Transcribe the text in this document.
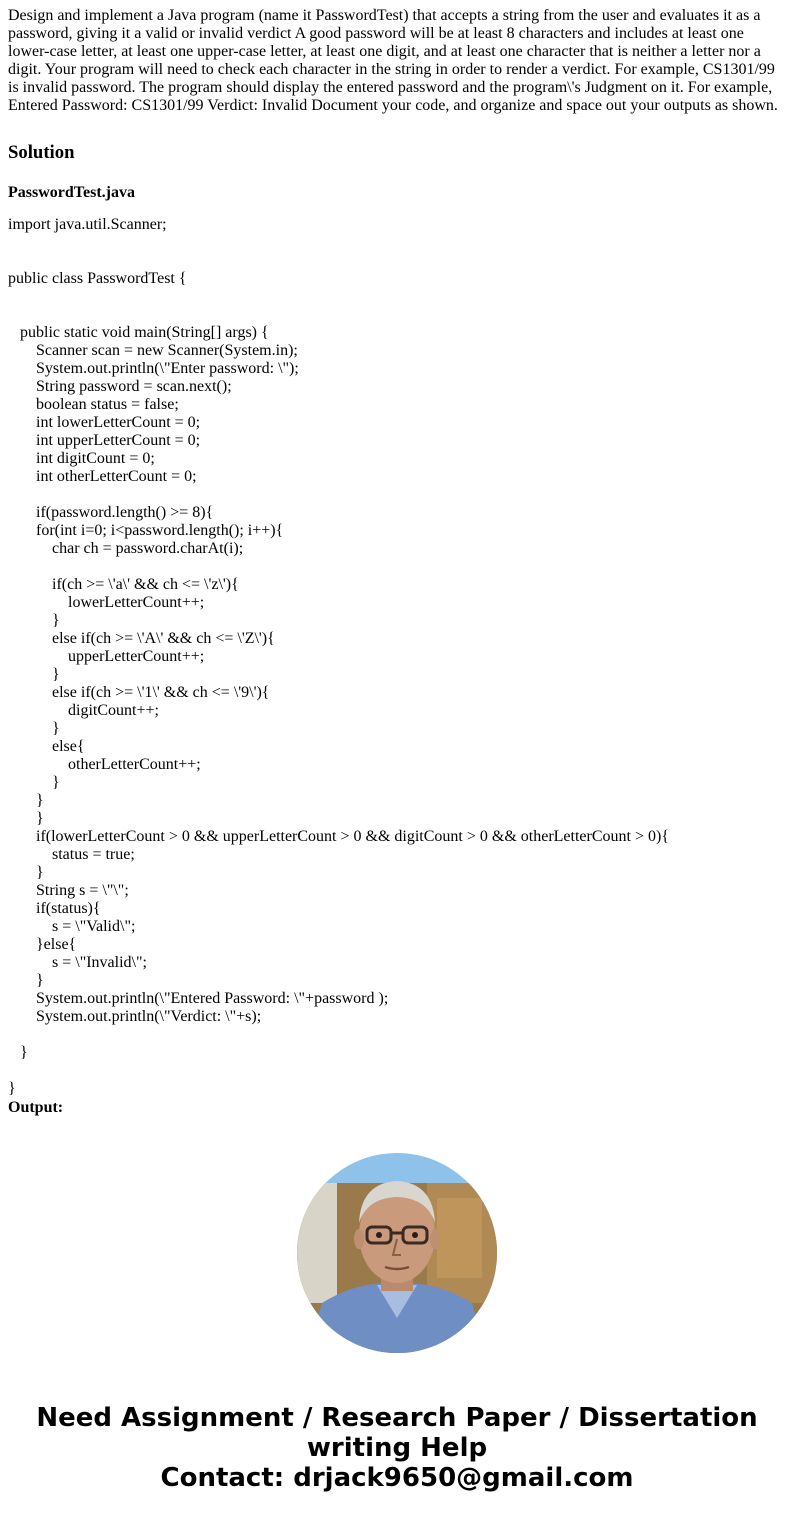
Design and implement a Java program (name it PasswordTest) that accepts a string from the user and evaluates it as a password, giving it a valid or invalid verdict A good password will be at least 8 characters and includes at least one lower-case letter, at least one upper-case letter, at least one digit, and at least one character that is neither a letter nor a digit. Your program will need to check each character in the string in order to render a verdict. For example, CS1301/99 is invalid password. The program should display the entered password and the program\'s Judgment on it. For example, Entered Password: CS1301/99 Verdict: Invalid Document your code, and organize and space out your outputs as shown.

Solution

PasswordTest.java

import java.util.Scanner;

public class PasswordTest {

public static void main(String[] args) {
Scanner scan = new Scanner(System.in);
System.out.println(\"Enter password: \");
String password = scan.next();
boolean status = false;
int lowerLetterCount = 0;
int upperLetterCount = 0;
int digitCount = 0;
int otherLetterCount = 0;

if(password.length() >= 8){
for(int i=0; i<password.length(); i++){
char ch = password.charAt(i);

if(ch >= \'a\' && ch <= \'z\'){
lowerLetterCount++;
}
else if(ch >= \'A\' && ch <= \'Z\'){
upperLetterCount++;
}
else if(ch >= \'1\' && ch <= \'9\'){
digitCount++;
}
else{
otherLetterCount++;
}
}
}
if(lowerLetterCount > 0 && upperLetterCount > 0 && digitCount > 0 && otherLetterCount > 0){
status = true;
}
String s = \"\";
if(status){
s = \"Valid\";
}else{
s = \"Invalid\";
}
System.out.println(\"Entered Password: \"+password );
System.out.println(\"Verdict: \"+s);

}

}

Output:

Need Assignment / Research Paper / Dissertation
writing Help
Contact: drjack9650@gmail.com
